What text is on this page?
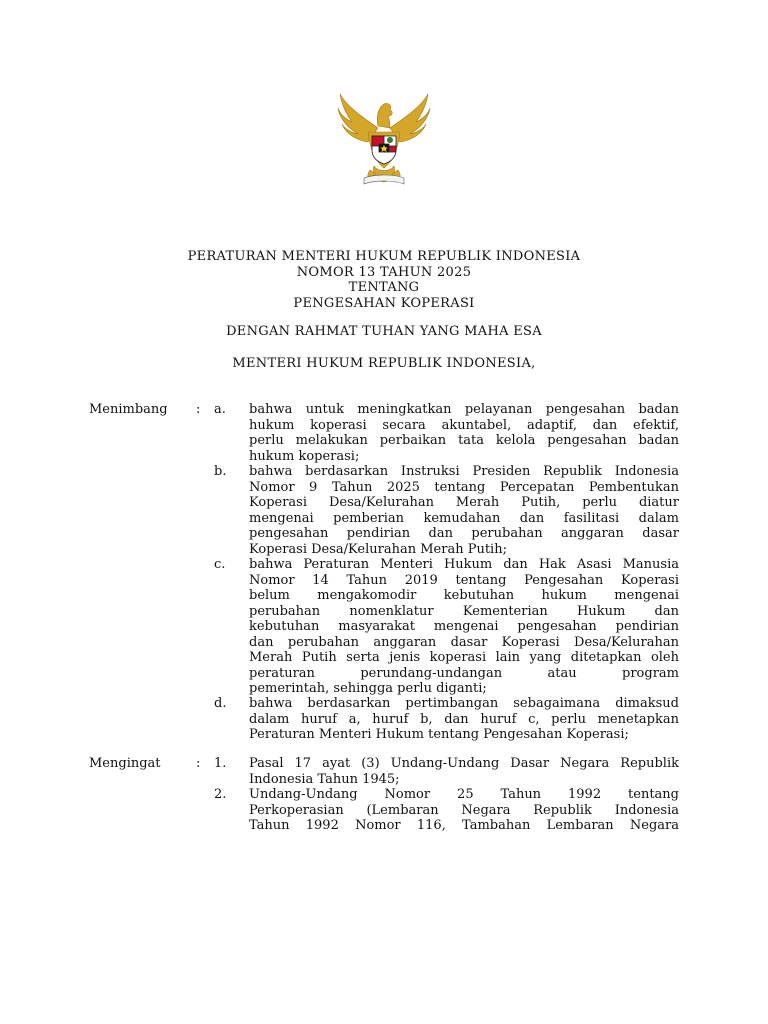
PERATURAN MENTERI HUKUM REPUBLIK INDONESIA
NOMOR 13 TAHUN 2025
TENTANG
PENGESAHAN KOPERASI
DENGAN RAHMAT TUHAN YANG MAHA ESA
MENTERI HUKUM REPUBLIK INDONESIA,
Menimbang : a. bahwa untuk meningkatkan pelayanan pengesahan badan
hukum koperasi secara akuntabel, adaptif, dan efektif,
perlu melakukan perbaikan tata kelola pengesahan badan
hukum koperasi;
b. bahwa berdasarkan Instruksi Presiden Republik Indonesia
Nomor 9 Tahun 2025 tentang Percepatan Pembentukan
Koperasi Desa/Kelurahan Merah Putih, perlu diatur
mengenai pemberian kemudahan dan fasilitasi dalam
pengesahan pendirian dan perubahan anggaran dasar
Koperasi Desa/Kelurahan Merah Putih;
c. bahwa Peraturan Menteri Hukum dan Hak Asasi Manusia
Nomor 14 Tahun 2019 tentang Pengesahan Koperasi
belum mengakomodir kebutuhan hukum mengenai
perubahan nomenklatur Kementerian Hukum dan
kebutuhan masyarakat mengenai pengesahan pendirian
dan perubahan anggaran dasar Koperasi Desa/Kelurahan
Merah Putih serta jenis koperasi lain yang ditetapkan oleh
peraturan perundang-undangan atau program
pemerintah, sehingga perlu diganti;
d. bahwa berdasarkan pertimbangan sebagaimana dimaksud
dalam huruf a, huruf b, dan huruf c, perlu menetapkan
Peraturan Menteri Hukum tentang Pengesahan Koperasi;
Mengingat	: 1. Pasal 17 ayat (3) Undang-Undang Dasar Negara Republik
Indonesia Tahun 1945;
2. Undang-Undang Nomor 25 Tahun 1992 tentang
Perkoperasian (Lembaran Negara Republik Indonesia
Tahun 1992 Nomor 116, Tambahan Lembaran Negara
